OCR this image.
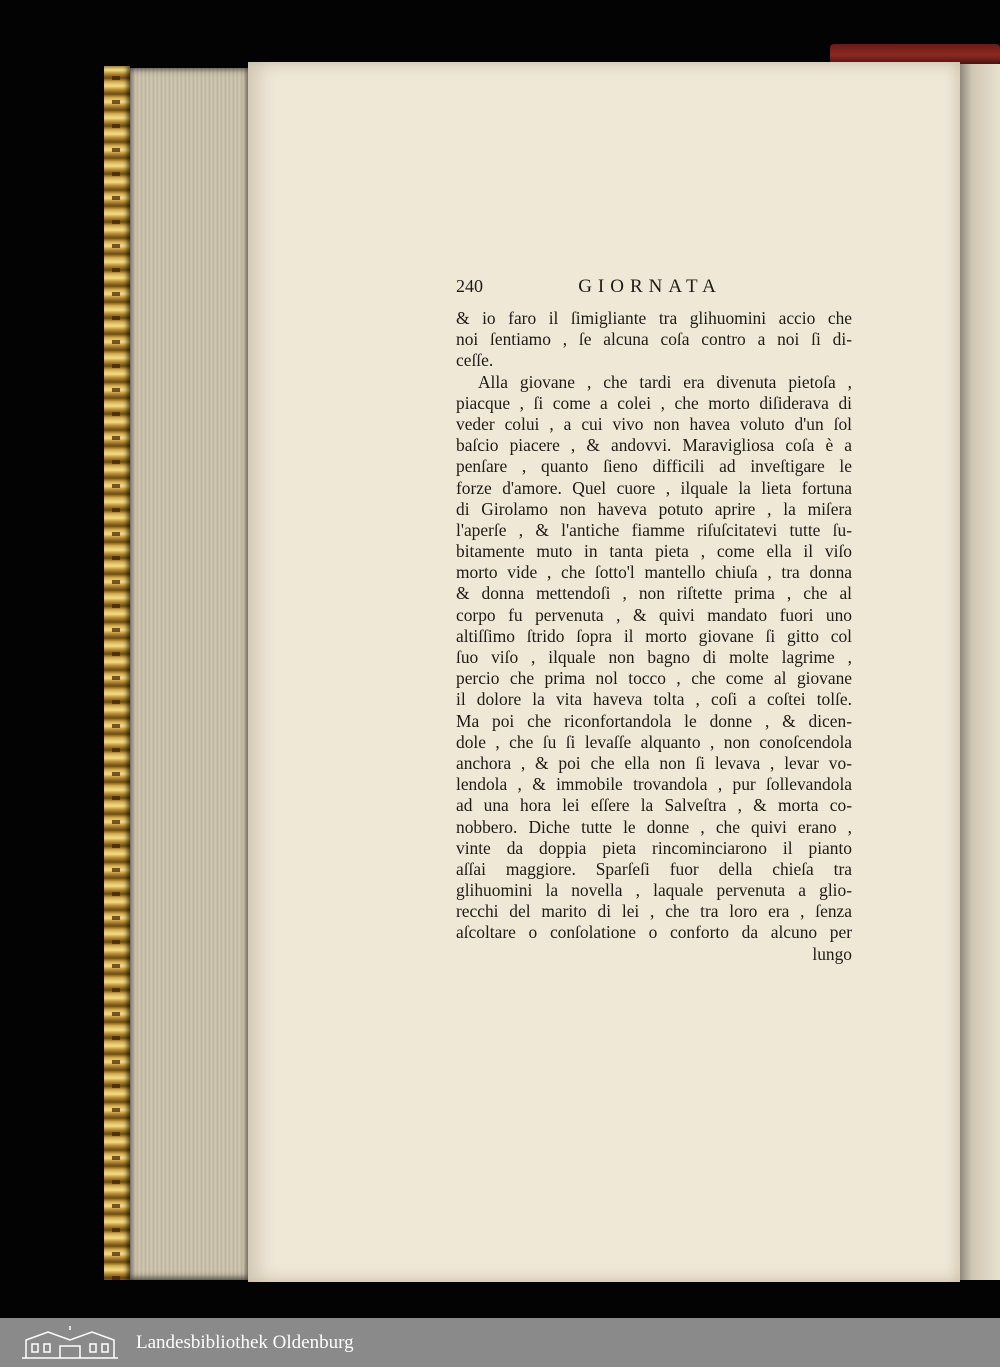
240	GIORNATA
& io faro il ſimigliante tra glihuomini accio che
noi ſentiamo , ſe alcuna coſa contro a noi ſi di-
ceſſe.
Alla giovane , che tardi era divenuta pietoſa ,
piacque , ſi come a colei , che morto diſiderava di
veder colui , a cui vivo non havea voluto d'un ſol
baſcio piacere , & andovvi. Maravigliosa coſa è a
penſare , quanto ſieno difficili ad inveſtigare le
forze d'amore. Quel cuore , ilquale la lieta fortuna
di Girolamo non haveva potuto aprire , la miſera
l'aperſe , & l'antiche fiamme riſuſcitatevi tutte ſu-
bitamente muto in tanta pieta , come ella il viſo
morto vide , che ſotto'l mantello chiuſa , tra donna
& donna mettendoſi , non riſtette prima , che al
corpo fu pervenuta , & quivi mandato fuori uno
altiſſimo ſtrido ſopra il morto giovane ſi gitto col
ſuo viſo , ilquale non bagno di molte lagrime ,
percio che prima nol tocco , che come al giovane
il dolore la vita haveva tolta , coſi a coſtei tolſe.
Ma poi che riconfortandola le donne , & dicen-
dole , che ſu ſi levaſſe alquanto , non conoſcendola
anchora , & poi che ella non ſi levava , levar vo-
lendola , & immobile trovandola , pur ſollevandola
ad una hora lei eſſere la Salveſtra , & morta co-
nobbero. Diche tutte le donne , che quivi erano ,
vinte da doppia pieta rincominciarono il pianto
aſſai maggiore. Sparſeſi fuor della chieſa tra
glihuomini la novella , laquale pervenuta a glio-
recchi del marito di lei , che tra loro era , ſenza
aſcoltare o conſolatione o conforto da alcuno per
lungo
Landesbibliothek Oldenburg
